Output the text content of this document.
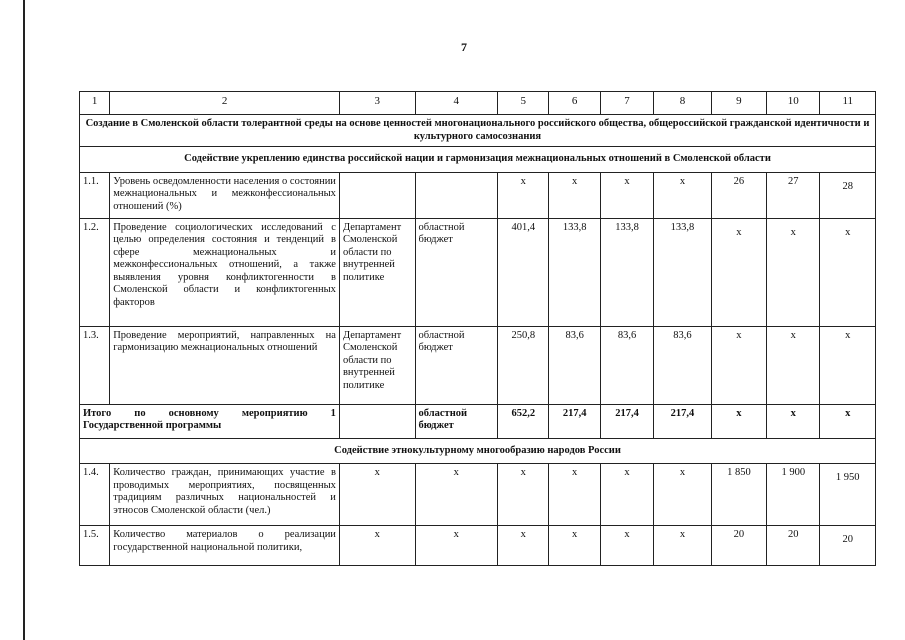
7
1	2	3	4	5	6	7	8	9	10	11
Создание в Смоленской области толерантной среды на основе ценностей многонационального российского общества, общероссийской гражданской идентичности и культурного самосознания										
Содействие укреплению единства российской нации и гармонизация межнациональных отношений в Смоленской области										
1.1.	Уровень осведомленности населения о состоянии межнациональных и межконфессиональных отношений (%)			x	x	x	x	26	27	28
1.2.	Проведение социологических исследований с целью определения состояния и тенденций в сфере межнациональных и межконфессиональных отношений, а также выявления уровня конфликтогенности в Смоленской области и конфликтогенных факторов	Департамент Смоленской области по внутренней политике	областной бюджет	401,4	133,8	133,8	133,8	x	x	x
1.3.	Проведение мероприятий, направленных на гармонизацию межнациональных отношений	Департамент Смоленской области по внутренней политике	областной бюджет	250,8	83,6	83,6	83,6	x	x	x
Итого по основному мероприятию 1 Государственной программы			областной бюджет	652,2	217,4	217,4	217,4	x	x	x
Содействие этнокультурному многообразию народов России										
1.4.	Количество граждан, принимающих участие в проводимых мероприятиях, посвященных традициям различных национальностей и этносов Смоленской области (чел.)	x	x	x	x	x	x	1 850	1 900	1 950
1.5.	Количество материалов о реализации государственной национальной политики,	x	x	x	x	x	x	20	20	20
